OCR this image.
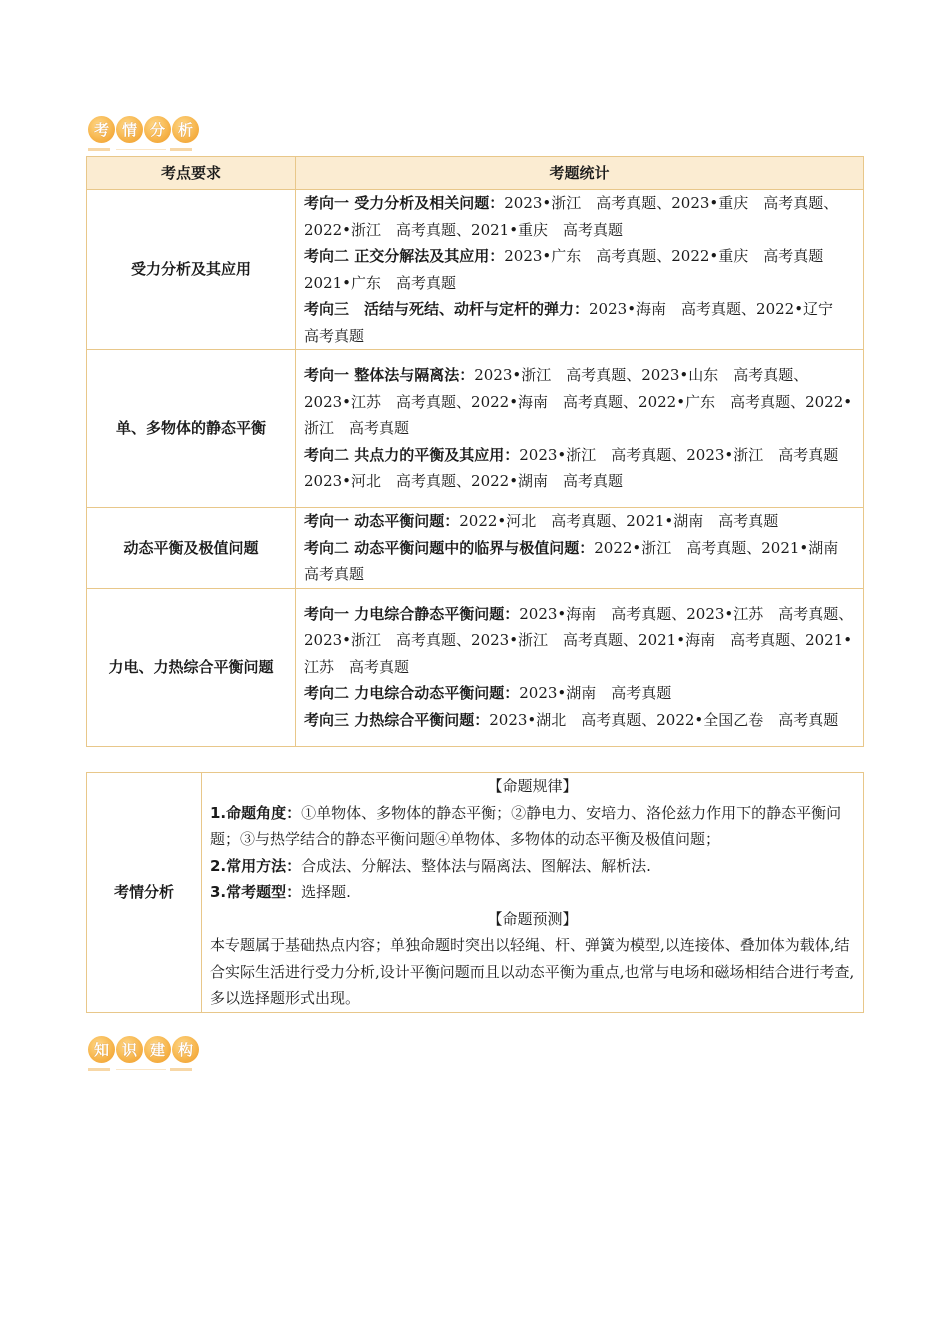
考 情 分 析
考点要求	考题统计
受力分析及其应用	考向一 受力分析及相关问题：2023•浙江　高考真题、2023•重庆　高考真题、2022•浙江　高考真题、2021•重庆　高考真题
考向二 正交分解法及其应用：2023•广东　高考真题、2022•重庆　高考真题 2021•广东　高考真题
考向三　活结与死结、动杆与定杆的弹力：2023•海南　高考真题、2022•辽宁　高考真题

单、多物体的静态平衡	考向一 整体法与隔离法：2023•浙江　高考真题、2023•山东　高考真题、2023•江苏　高考真题、2022•海南　高考真题、2022•广东　高考真题、2022•浙江　高考真题
考向二 共点力的平衡及其应用：2023•浙江　高考真题、2023•浙江　高考真题
2023•河北　高考真题、2022•湖南　高考真题

动态平衡及极值问题	考向一 动态平衡问题：2022•河北　高考真题、2021•湖南　高考真题
考向二 动态平衡问题中的临界与极值问题：2022•浙江　高考真题、2021•湖南　高考真题

力电、力热综合平衡问题	考向一 力电综合静态平衡问题：2023•海南　高考真题、2023•江苏　高考真题、2023•浙江　高考真题、2023•浙江　高考真题、2021•海南　高考真题、2021•江苏　高考真题
考向二 力电综合动态平衡问题：2023•湖南　高考真题
考向三 力热综合平衡问题：2023•湖北　高考真题、2022•全国乙卷　高考真题
考情分析	
【命题规律】
1.命题角度：①单物体、多物体的静态平衡；②静电力、安培力、洛伦兹力作用下的静态平衡问题；③与热学结合的静态平衡问题④单物体、多物体的动态平衡及极值问题；
2.常用方法：合成法、分解法、整体法与隔离法、图解法、解析法.
3.常考题型：选择题.
【命题预测】
本专题属于基础热点内容；单独命题时突出以轻绳、杆、弹簧为模型,以连接体、叠加体为载体,结合实际生活进行受力分析,设计平衡问题而且以动态平衡为重点,也常与电场和磁场相结合进行考查,多以选择题形式出现。
知 识 建 构
